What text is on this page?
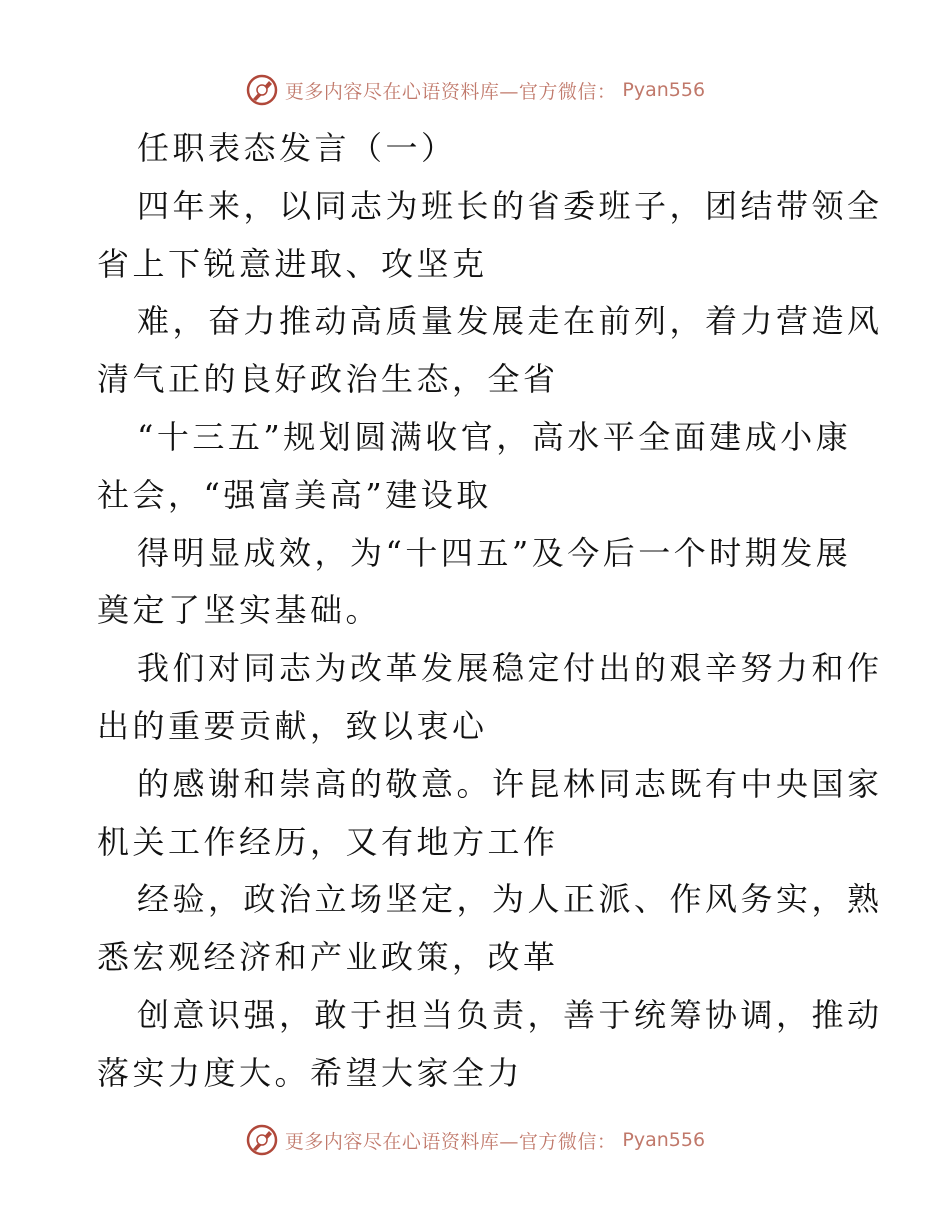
更多内容尽在心语资料库—官方微信： Pyan556
任职表态发言（一）
四年来，以同志为班长的省委班子，团结带领全
省上下锐意进取、攻坚克
难，奋力推动高质量发展走在前列，着力营造风
清气正的良好政治生态，全省
“十三五”规划圆满收官，高水平全面建成小康
社会，“强富美高”建设取
得明显成效，为“十四五”及今后一个时期发展
奠定了坚实基础。
我们对同志为改革发展稳定付出的艰辛努力和作
出的重要贡献，致以衷心
的感谢和崇高的敬意。许昆林同志既有中央国家
机关工作经历，又有地方工作
经验，政治立场坚定，为人正派、作风务实，熟
悉宏观经济和产业政策，改革
创意识强，敢于担当负责，善于统筹协调，推动
落实力度大。希望大家全力
更多内容尽在心语资料库—官方微信： Pyan556
